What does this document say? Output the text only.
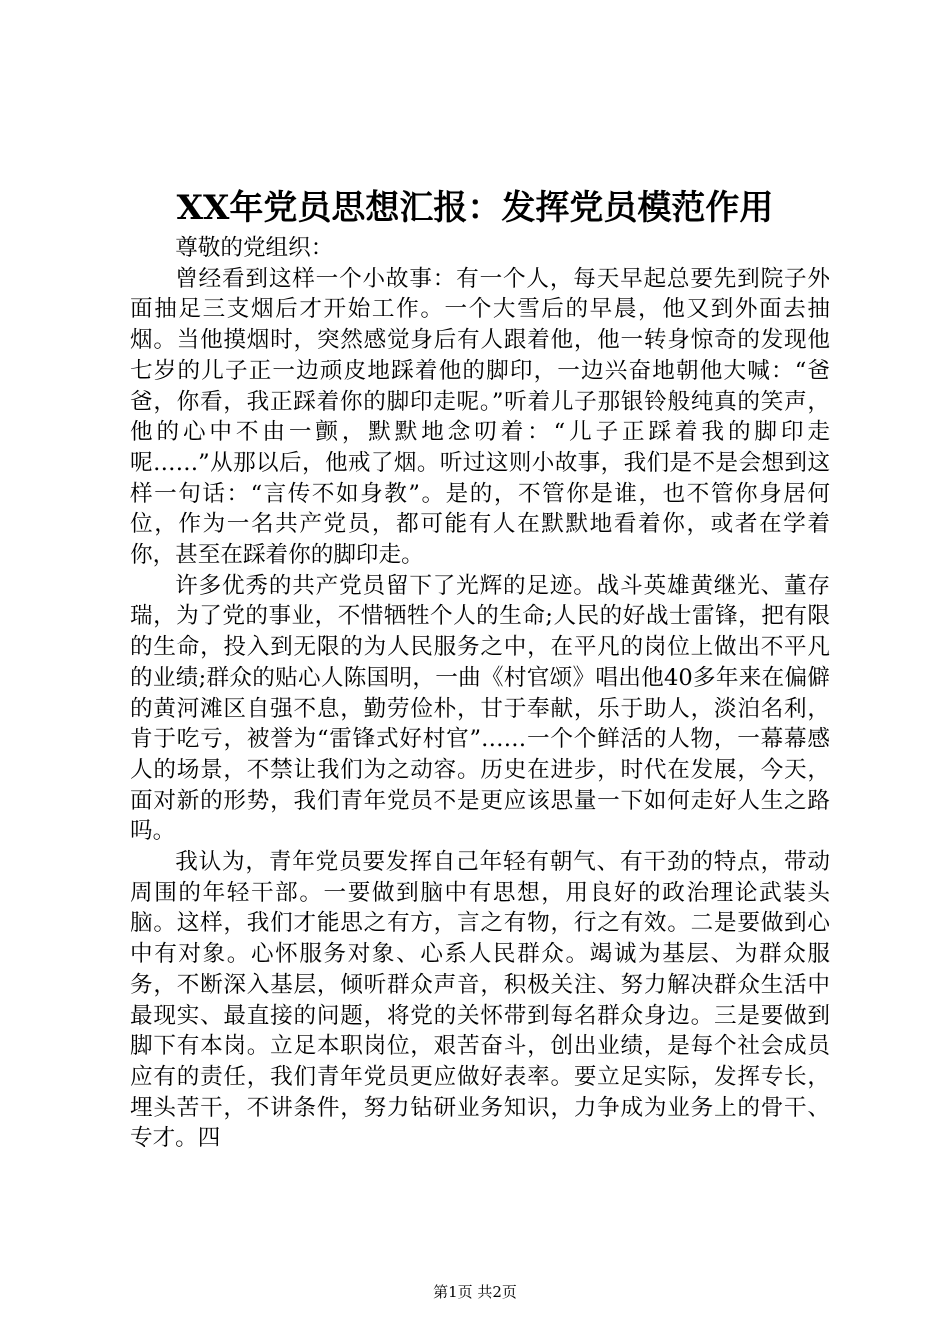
XX年党员思想汇报：发挥党员模范作用

尊敬的党组织：

曾经看到这样一个小故事：有一个人，每天早起总要先到院子外面抽足三支烟后才开始工作。一个大雪后的早晨，他又到外面去抽烟。当他摸烟时，突然感觉身后有人跟着他，他一转身惊奇的发现他七岁的儿子正一边顽皮地踩着他的脚印，一边兴奋地朝他大喊：“爸爸，你看，我正踩着你的脚印走呢。”听着儿子那银铃般纯真的笑声，他的心中不由一颤，默默地念叨着：“儿子正踩着我的脚印走呢……”从那以后，他戒了烟。听过这则小故事，我们是不是会想到这样一句话：“言传不如身教”。是的，不管你是谁，也不管你身居何位，作为一名共产党员，都可能有人在默默地看着你，或者在学着你，甚至在踩着你的脚印走。

许多优秀的共产党员留下了光辉的足迹。战斗英雄黄继光、董存瑞，为了党的事业，不惜牺牲个人的生命;人民的好战士雷锋，把有限的生命，投入到无限的为人民服务之中，在平凡的岗位上做出不平凡的业绩;群众的贴心人陈国明，一曲《村官颂》唱出他40多年来在偏僻的黄河滩区自强不息，勤劳俭朴，甘于奉献，乐于助人，淡泊名利，肯于吃亏，被誉为“雷锋式好村官”……一个个鲜活的人物，一幕幕感人的场景，不禁让我们为之动容。历史在进步，时代在发展，今天，面对新的形势，我们青年党员不是更应该思量一下如何走好人生之路吗。

我认为，青年党员要发挥自己年轻有朝气、有干劲的特点，带动周围的年轻干部。一要做到脑中有思想，用良好的政治理论武装头脑。这样，我们才能思之有方，言之有物，行之有效。二是要做到心中有对象。心怀服务对象、心系人民群众。竭诚为基层、为群众服务，不断深入基层，倾听群众声音，积极关注、努力解决群众生活中最现实、最直接的问题，将党的关怀带到每名群众身边。三是要做到脚下有本岗。立足本职岗位，艰苦奋斗，创出业绩，是每个社会成员应有的责任，我们青年党员更应做好表率。要立足实际，发挥专长，埋头苦干，不讲条件，努力钻研业务知识，力争成为业务上的骨干、专才。四

第1页 共2页
